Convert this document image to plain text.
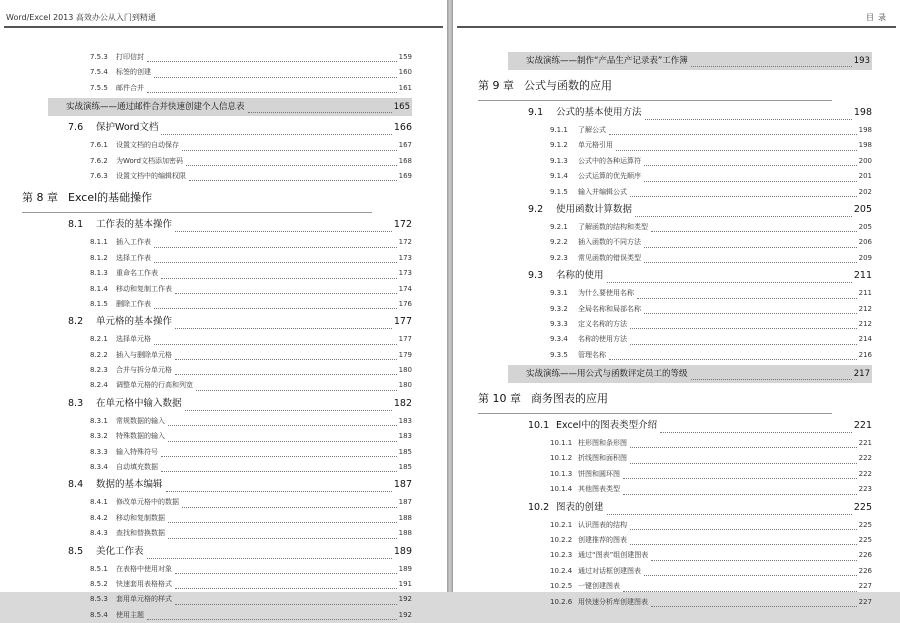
Word/Excel 2013 高效办公从入门到精通
7.5.3	打印信封	159
7.5.4	标签的创建	160
7.5.5	邮件合并	161
实战演练——通过邮件合并快速创建个人信息表	165
7.6	保护Word文档	166
7.6.1	设置文档的自动保存	167
7.6.2	为Word文档添加密码	168
7.6.3	设置文档中的编辑权限	169
第 8 章 Excel的基础操作
8.1	工作表的基本操作	172
8.1.1	插入工作表	172
8.1.2	选择工作表	173
8.1.3	重命名工作表	173
8.1.4	移动和复制工作表	174
8.1.5	删除工作表	176
8.2	单元格的基本操作	177
8.2.1	选择单元格	177
8.2.2	插入与删除单元格	179
8.2.3	合并与拆分单元格	180
8.2.4	调整单元格的行高和列宽	180
8.3	在单元格中输入数据	182
8.3.1	常规数据的输入	183
8.3.2	特殊数据的输入	183
8.3.3	输入特殊符号	185
8.3.4	自动填充数据	185
8.4	数据的基本编辑	187
8.4.1	修改单元格中的数据	187
8.4.2	移动和复制数据	188
8.4.3	查找和替换数据	188
8.5	美化工作表	189
8.5.1	在表格中使用对象	189
8.5.2	快速套用表格格式	191
8.5.3	套用单元格的样式	192
8.5.4	使用主题	192
目录
实战演练——制作“产品生产记录表”工作簿	193
第 9 章 公式与函数的应用
9.1	公式的基本使用方法	198
9.1.1	了解公式	198
9.1.2	单元格引用	198
9.1.3	公式中的各种运算符	200
9.1.4	公式运算的优先顺序	201
9.1.5	输入并编辑公式	202
9.2	使用函数计算数据	205
9.2.1	了解函数的结构和类型	205
9.2.2	插入函数的不同方法	206
9.2.3	常见函数的错误类型	209
9.3	名称的使用	211
9.3.1	为什么要使用名称	211
9.3.2	全局名称和局部名称	212
9.3.3	定义名称的方法	212
9.3.4	名称的使用方法	214
9.3.5	管理名称	216
实战演练——用公式与函数评定员工的等级	217
第 10 章 商务图表的应用
10.1 Excel中的图表类型介绍	221
10.1.1 柱形图和条形图	221
10.1.2 折线图和面积图	222
10.1.3 饼图和圆环图	222
10.1.4 其他图表类型	223
10.2 图表的创建	225
10.2.1 认识图表的结构	225
10.2.2 创建推荐的图表	225
10.2.3 通过“图表”组创建图表	226
10.2.4 通过对话框创建图表	226
10.2.5 一键创建图表	227
10.2.6 用快速分析库创建图表	227
